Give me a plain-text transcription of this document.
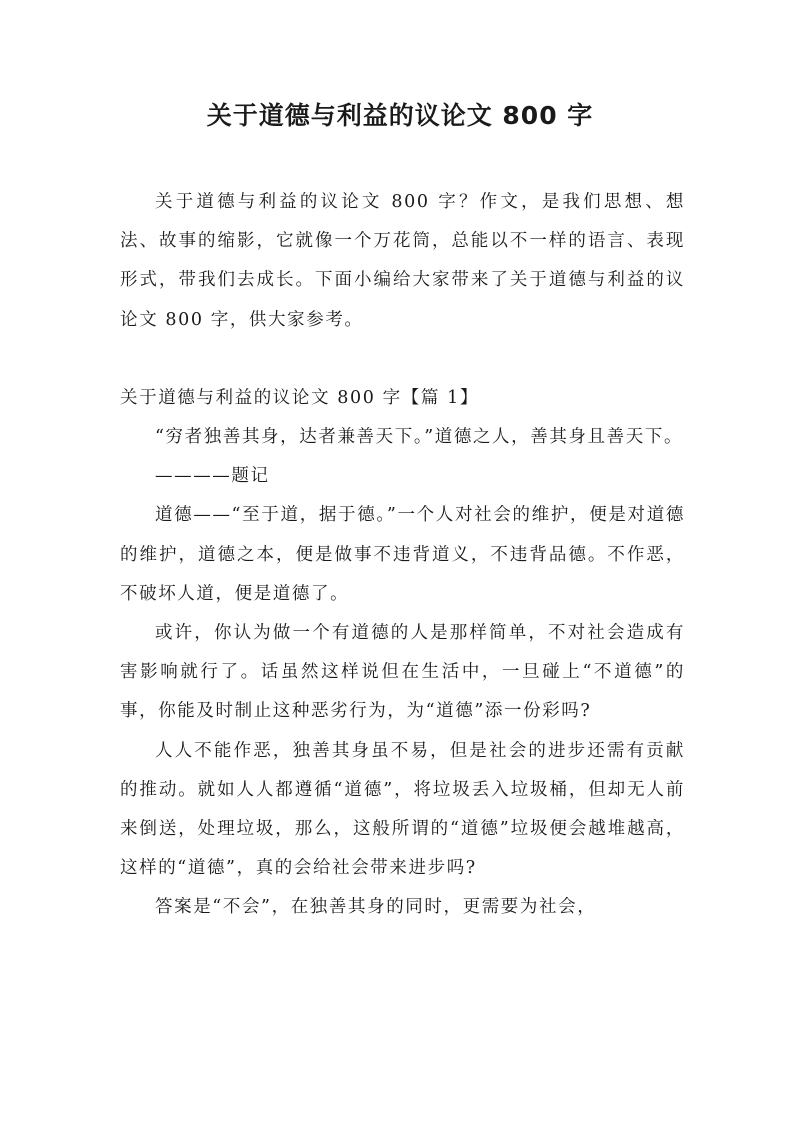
关于道德与利益的议论文 800 字

关于道德与利益的议论文 800 字？作文，是我们思想、想法、故事的缩影，它就像一个万花筒，总能以不一样的语言、表现形式，带我们去成长。下面小编给大家带来了关于道德与利益的议论文 800 字，供大家参考。

关于道德与利益的议论文 800 字【篇 1】

“穷者独善其身，达者兼善天下。”道德之人，善其身且善天下。

————题记

道德——“至于道，据于德。”一个人对社会的维护，便是对道德的维护，道德之本，便是做事不违背道义，不违背品德。不作恶，不破坏人道，便是道德了。

或许，你认为做一个有道德的人是那样简单，不对社会造成有害影响就行了。话虽然这样说但在生活中，一旦碰上“不道德”的事，你能及时制止这种恶劣行为，为“道德”添一份彩吗?

人人不能作恶，独善其身虽不易，但是社会的进步还需有贡献的推动。就如人人都遵循“道德”，将垃圾丢入垃圾桶，但却无人前来倒送，处理垃圾，那么，这般所谓的“道德”垃圾便会越堆越高，这样的“道德”，真的会给社会带来进步吗?

答案是“不会”，在独善其身的同时，更需要为社会，
